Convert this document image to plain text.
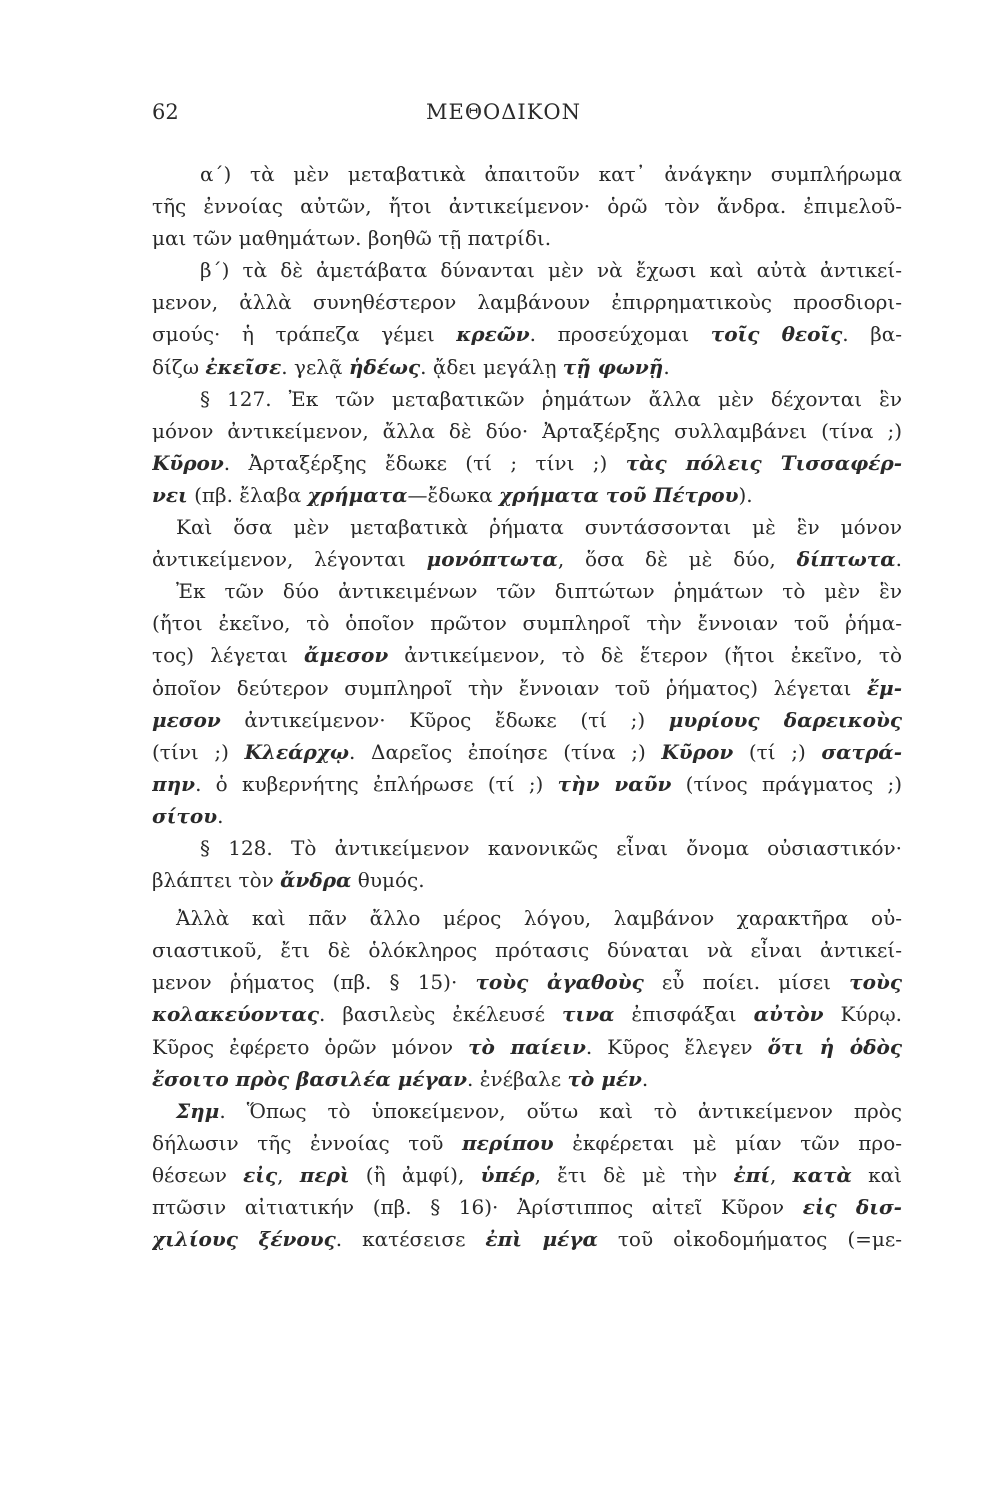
62	ΜΕΘΟΔΙΚΟΝ
α΄) τὰ μὲν μεταβατικὰ ἀπαιτοῦν κατ᾽ ἀνάγκην συμπλήρωμα
τῆς ἐννοίας αὐτῶν, ἤτοι ἀντικείμενον· ὁρῶ τὸν ἄνδρα. ἐπιμελοῦ-
μαι τῶν μαθημάτων. βοηθῶ τῇ πατρίδι.
β΄) τὰ δὲ ἀμετάβατα δύνανται μὲν νὰ ἔχωσι καὶ αὐτὰ ἀντικεί-
μενον, ἀλλὰ συνηθέστερον λαμβάνουν ἐπιρρηματικοὺς προσδιορι-
σμούς· ἡ τράπεζα γέμει κρεῶν. προσεύχομαι τοῖς θεοῖς. βα-
δίζω ἐκεῖσε. γελᾷ ἡδέως. ᾄδει μεγάλῃ τῇ φωνῇ.
§ 127. Ἐκ τῶν μεταβατικῶν ῥημάτων ἄλλα μὲν δέχονται ἓν
μόνον ἀντικείμενον, ἄλλα δὲ δύο· Ἀρταξέρξης συλλαμβάνει (τίνα ;)
Κῦρον. Ἀρταξέρξης ἔδωκε (τί ; τίνι ;) τὰς πόλεις Τισσαφέρ-
νει (πβ. ἔλαβα χρήματα—ἔδωκα χρήματα τοῦ Πέτρου).
Καὶ ὅσα μὲν μεταβατικὰ ῥήματα συντάσσονται μὲ ἓν μόνον
ἀντικείμενον, λέγονται μονόπτωτα, ὅσα δὲ μὲ δύο, δίπτωτα.
Ἐκ τῶν δύο ἀντικειμένων τῶν διπτώτων ῥημάτων τὸ μὲν ἓν
(ἤτοι ἐκεῖνο, τὸ ὁποῖον πρῶτον συμπληροῖ τὴν ἔννοιαν τοῦ ῥήμα-
τος) λέγεται ἄμεσον ἀντικείμενον, τὸ δὲ ἕτερον (ἤτοι ἐκεῖνο, τὸ
ὁποῖον δεύτερον συμπληροῖ τὴν ἔννοιαν τοῦ ῥήματος) λέγεται ἔμ-
μεσον ἀντικείμενον· Κῦρος ἔδωκε (τί ;) μυρίους δαρεικοὺς
(τίνι ;) Κλεάρχῳ. Δαρεῖος ἐποίησε (τίνα ;) Κῦρον (τί ;) σατρά-
πην. ὁ κυβερνήτης ἐπλήρωσε (τί ;) τὴν ναῦν (τίνος πράγματος ;)
σίτου.
§ 128. Τὸ ἀντικείμενον κανονικῶς εἶναι ὄνομα οὐσιαστικόν·
βλάπτει τὸν ἄνδρα θυμός.
Ἀλλὰ καὶ πᾶν ἄλλο μέρος λόγου, λαμβάνον χαρακτῆρα οὐ-
σιαστικοῦ, ἔτι δὲ ὁλόκληρος πρότασις δύναται νὰ εἶναι ἀντικεί-
μενον ῥήματος (πβ. § 15)· τοὺς ἀγαθοὺς εὖ ποίει. μίσει τοὺς
κολακεύοντας. βασιλεὺς ἐκέλευσέ τινα ἐπισφάξαι αὐτὸν Κύρῳ.
Κῦρος ἐφέρετο ὁρῶν μόνον τὸ παίειν. Κῦρος ἔλεγεν ὅτι ἡ ὁδὸς
ἔσοιτο πρὸς βασιλέα μέγαν. ἐνέβαλε τὸ μέν.
Σημ. Ὅπως τὸ ὑποκείμενον, οὕτω καὶ τὸ ἀντικείμενον πρὸς
δήλωσιν τῆς ἐννοίας τοῦ περίπου ἐκφέρεται μὲ μίαν τῶν προ-
θέσεων εἰς, περὶ (ἢ ἀμφί), ὑπέρ, ἔτι δὲ μὲ τὴν ἐπί, κατὰ καὶ
πτῶσιν αἰτιατικήν (πβ. § 16)· Ἀρίστιππος αἰτεῖ Κῦρον εἰς δισ-
χιλίους ξένους. κατέσεισε ἐπὶ μέγα τοῦ οἰκοδομήματος (=με-
